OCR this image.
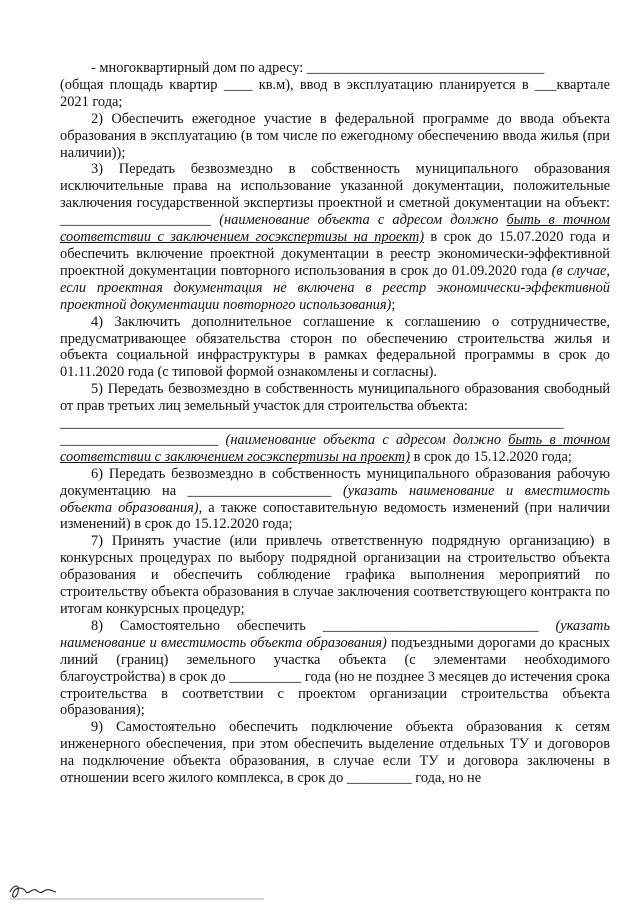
- многоквартирный дом по адресу: _________________________________

(общая площадь квартир ____ кв.м), ввод в эксплуатацию планируется в ___квартале 2021 года;

2) Обеспечить ежегодное участие в федеральной программе до ввода объекта образования в эксплуатацию (в том числе по ежегодному обеспечению ввода жилья (при наличии));

3) Передать безвозмездно в собственность муниципального образования исключительные права на использование указанной документации, положительные заключения государственной экспертизы проектной и сметной документации на объект: _____________________ (наименование объекта с адресом должно быть в точном соответствии с заключением госэкспертизы на проект) в срок до 15.07.2020 года и обеспечить включение проектной документации в реестр экономически-эффективной проектной документации повторного использования в срок до 01.09.2020 года (в случае, если проектная документация не включена в реестр экономически-эффективной проектной документации повторного использования);

4) Заключить дополнительное соглашение к соглашению о сотрудничестве, предусматривающее обязательства сторон по обеспечению строительства жилья и объекта социальной инфраструктуры в рамках федеральной программы в срок до 01.11.2020 года (с типовой формой ознакомлены и согласны).

5) Передать безвозмездно в собственность муниципального образования свободный от прав третьих лиц земельный участок для строительства объекта:

______________________________________________________________________

______________________ (наименование объекта с адресом должно быть в точном соответствии с заключением госэкспертизы на проект) в срок до 15.12.2020 года;

6) Передать безвозмездно в собственность муниципального образования рабочую документацию на ____________________ (указать наименование и вместимость объекта образования), а также сопоставительную ведомость изменений (при наличии изменений) в срок до 15.12.2020 года;

7) Принять участие (или привлечь ответственную подрядную организацию) в конкурсных процедурах по выбору подрядной организации на строительство объекта образования и обеспечить соблюдение графика выполнения мероприятий по строительству объекта образования в случае заключения соответствующего контракта по итогам конкурсных процедур;

8) Самостоятельно обеспечить ______________________________ (указать наименование и вместимость объекта образования) подъездными дорогами до красных линий (границ) земельного участка объекта (с элементами необходимого благоустройства) в срок до __________ года (но не позднее 3 месяцев до истечения срока строительства в соответствии с проектом организации строительства объекта образования);

9) Самостоятельно обеспечить подключение объекта образования к сетям инженерного обеспечения, при этом обеспечить выделение отдельных ТУ и договоров на подключение объекта образования, в случае если ТУ и договора заключены в отношении всего жилого комплекса, в срок до _________ года, но не
